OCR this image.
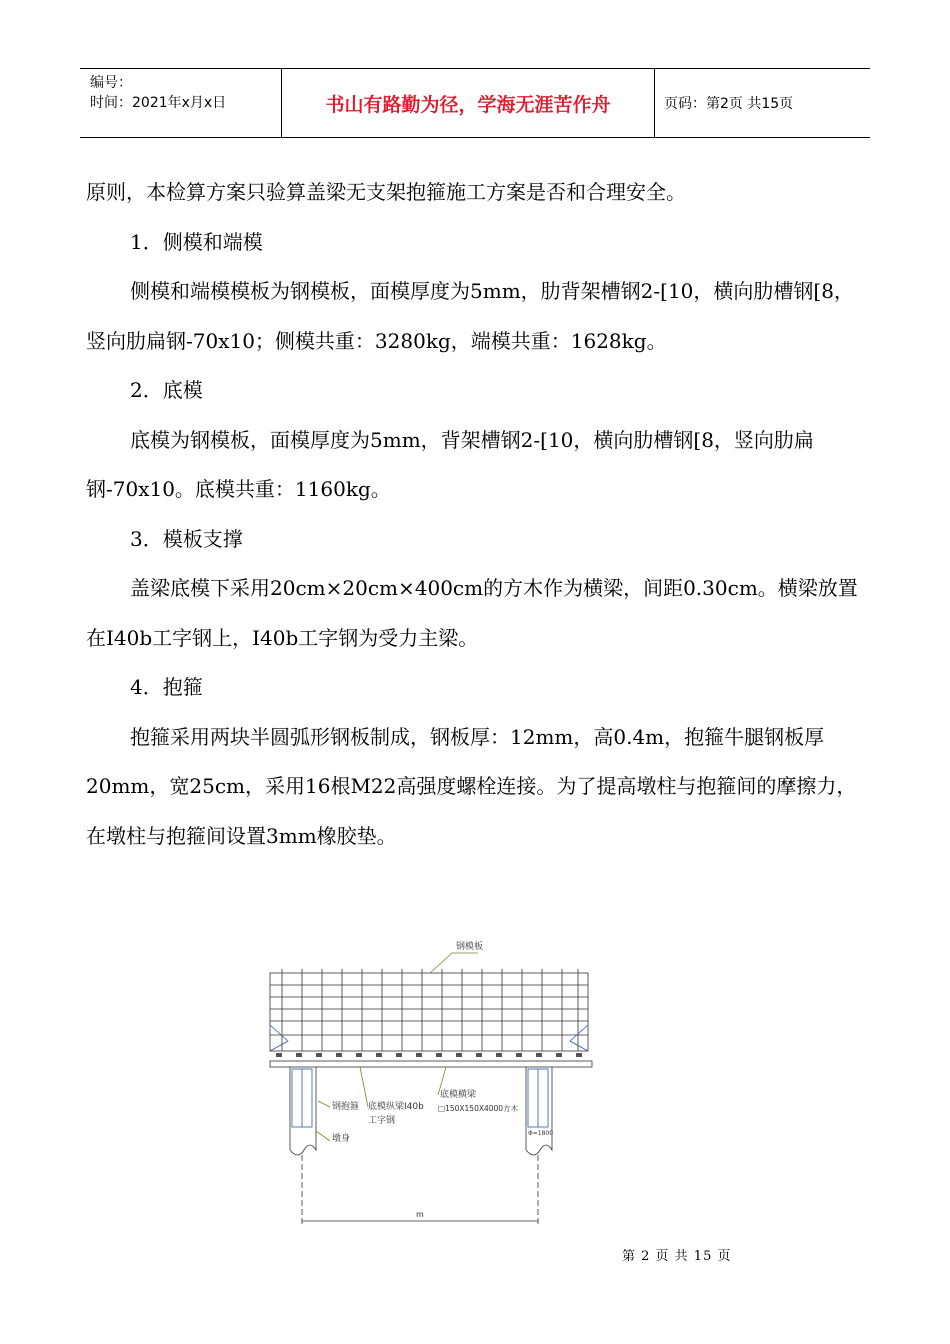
编号：
时间：2021年x月x日	书山有路勤为径，学海无涯苦作舟	页码：第2页 共15页

原则，本检算方案只验算盖梁无支架抱箍施工方案是否和合理安全。

1．侧模和端模

侧模和端模模板为钢模板，面模厚度为5mm，肋背架槽钢2-[10，横向肋槽钢[8，竖向肋扁钢-70x10；侧模共重：3280kg，端模共重：1628kg。

2．底模

底模为钢模板，面模厚度为5mm，背架槽钢2-[10，横向肋槽钢[8，竖向肋扁钢-70x10。底模共重：1160kg。

3．模板支撑

盖梁底模下采用20cm×20cm×400cm的方木作为横梁，间距0.30cm。横梁放置在I40b工字钢上，I40b工字钢为受力主梁。

4．抱箍

抱箍采用两块半圆弧形钢板制成，钢板厚：12mm，高0.4m，抱箍牛腿钢板厚20mm，宽25cm，采用16根M22高强度螺栓连接。为了提高墩柱与抱箍间的摩擦力，在墩柱与抱箍间设置3mm橡胶垫。

钢模板
钢抱箍 底模纵梁I40b
工字钢
底模横梁
□150X150X4000方木
墩身
Φ=1800
m
第 2 页 共 15 页
